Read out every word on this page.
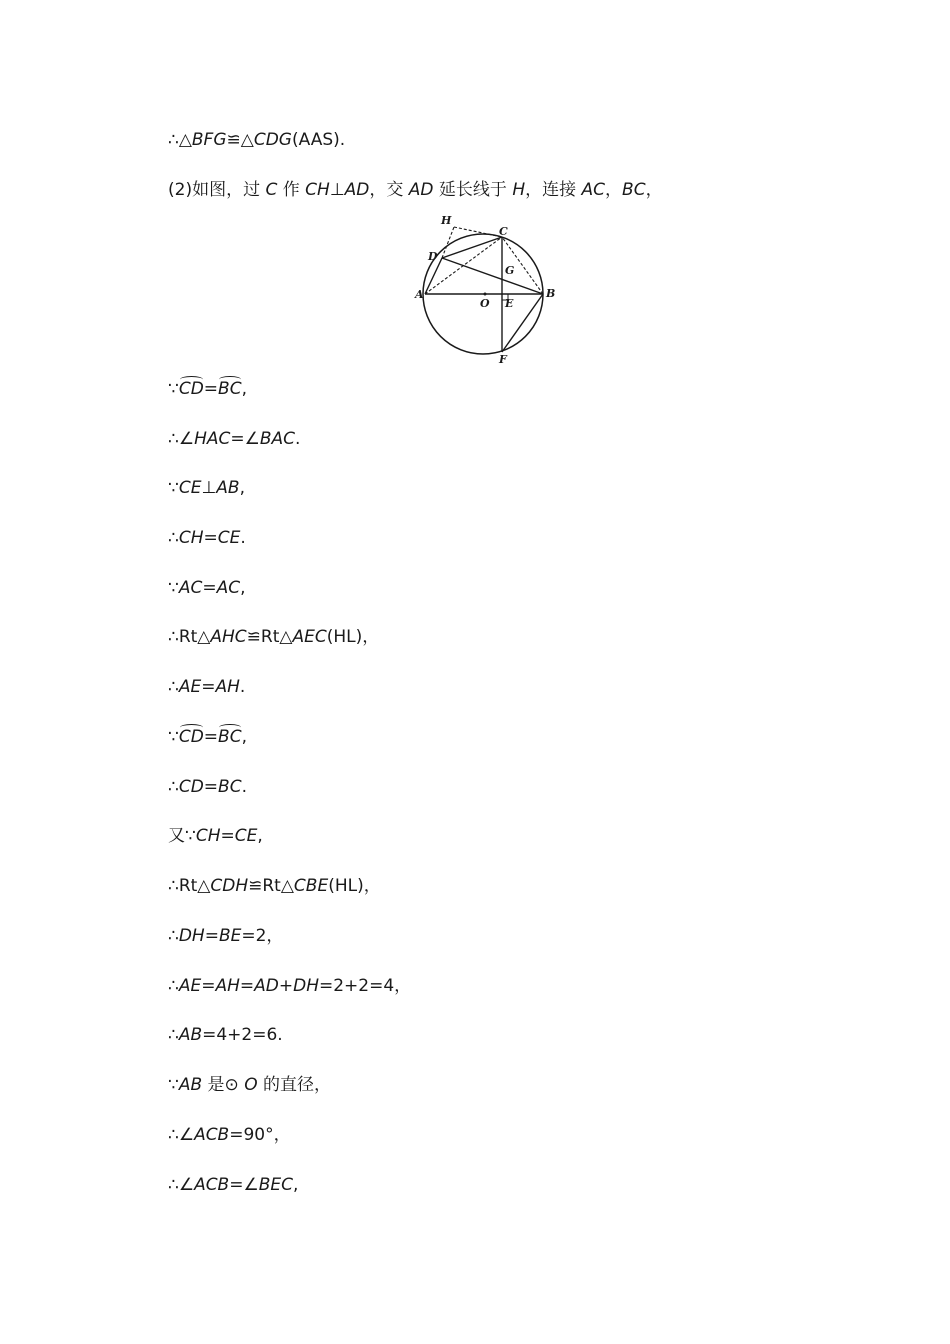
∴△BFG≌△CDG(AAS).
(2)如图，过 C 作 CH⊥AD，交 AD 延长线于 H，连接 AC，BC，
H
C
D
G
A
O E
B
F
∵CD=BC,
∴∠HAC=∠BAC.
∵CE⊥AB,
∴CH=CE.
∵AC=AC,
∴Rt△AHC≌Rt△AEC(HL)，
∴AE=AH.
∵CD=BC,
∴CD=BC.
又∵CH=CE,
∴Rt△CDH≌Rt△CBE(HL)，
∴DH=BE=2，
∴AE=AH=AD+DH=2+2=4，
∴AB=4+2=6.
∵AB 是⊙ O 的直径，
∴∠ACB=90°，
∴∠ACB=∠BEC,
